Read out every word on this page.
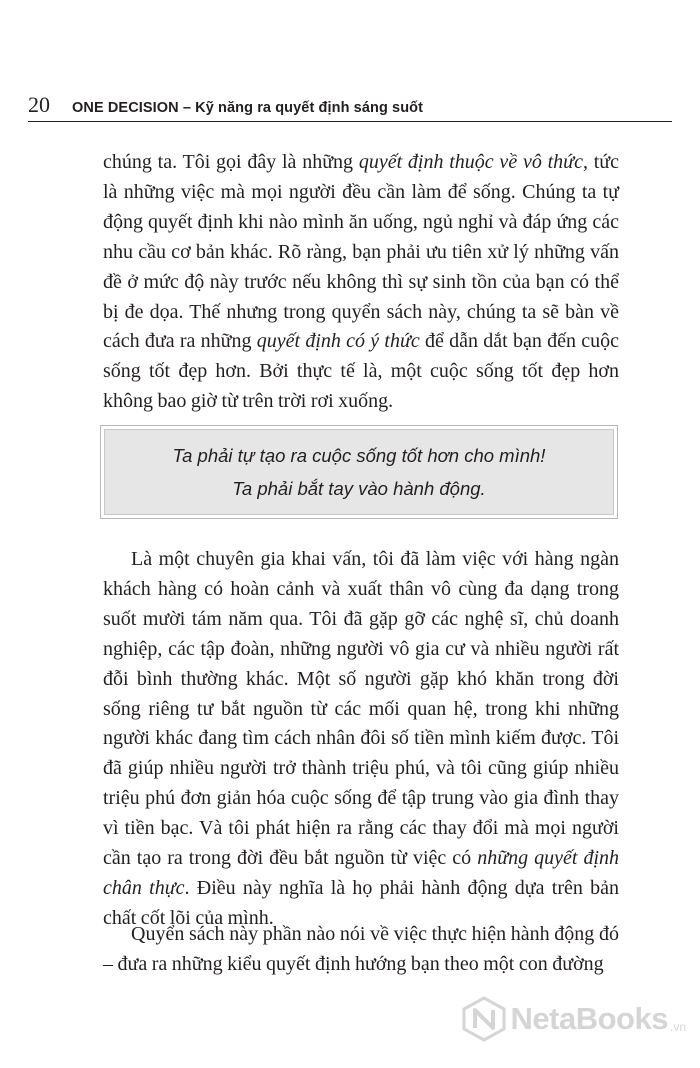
20 ONE DECISION – Kỹ năng ra quyết định sáng suốt

chúng ta. Tôi gọi đây là những quyết định thuộc về vô thức, tức là những việc mà mọi người đều cần làm để sống. Chúng ta tự động quyết định khi nào mình ăn uống, ngủ nghỉ và đáp ứng các nhu cầu cơ bản khác. Rõ ràng, bạn phải ưu tiên xử lý những vấn đề ở mức độ này trước nếu không thì sự sinh tồn của bạn có thể bị đe dọa. Thế nhưng trong quyển sách này, chúng ta sẽ bàn về cách đưa ra những quyết định có ý thức để dẫn dắt bạn đến cuộc sống tốt đẹp hơn. Bởi thực tế là, một cuộc sống tốt đẹp hơn không bao giờ từ trên trời rơi xuống.

Ta phải tự tạo ra cuộc sống tốt hơn cho mình!
Ta phải bắt tay vào hành động.

Là một chuyên gia khai vấn, tôi đã làm việc với hàng ngàn khách hàng có hoàn cảnh và xuất thân vô cùng đa dạng trong suốt mười tám năm qua. Tôi đã gặp gỡ các nghệ sĩ, chủ doanh nghiệp, các tập đoàn, những người vô gia cư và nhiều người rất đỗi bình thường khác. Một số người gặp khó khăn trong đời sống riêng tư bắt nguồn từ các mối quan hệ, trong khi những người khác đang tìm cách nhân đôi số tiền mình kiếm được. Tôi đã giúp nhiều người trở thành triệu phú, và tôi cũng giúp nhiều triệu phú đơn giản hóa cuộc sống để tập trung vào gia đình thay vì tiền bạc. Và tôi phát hiện ra rằng các thay đổi mà mọi người cần tạo ra trong đời đều bắt nguồn từ việc có những quyết định chân thực. Điều này nghĩa là họ phải hành động dựa trên bản chất cốt lõi của mình.

Quyển sách này phần nào nói về việc thực hiện hành động đó – đưa ra những kiểu quyết định hướng bạn theo một con đường

NetaBooks .vn
